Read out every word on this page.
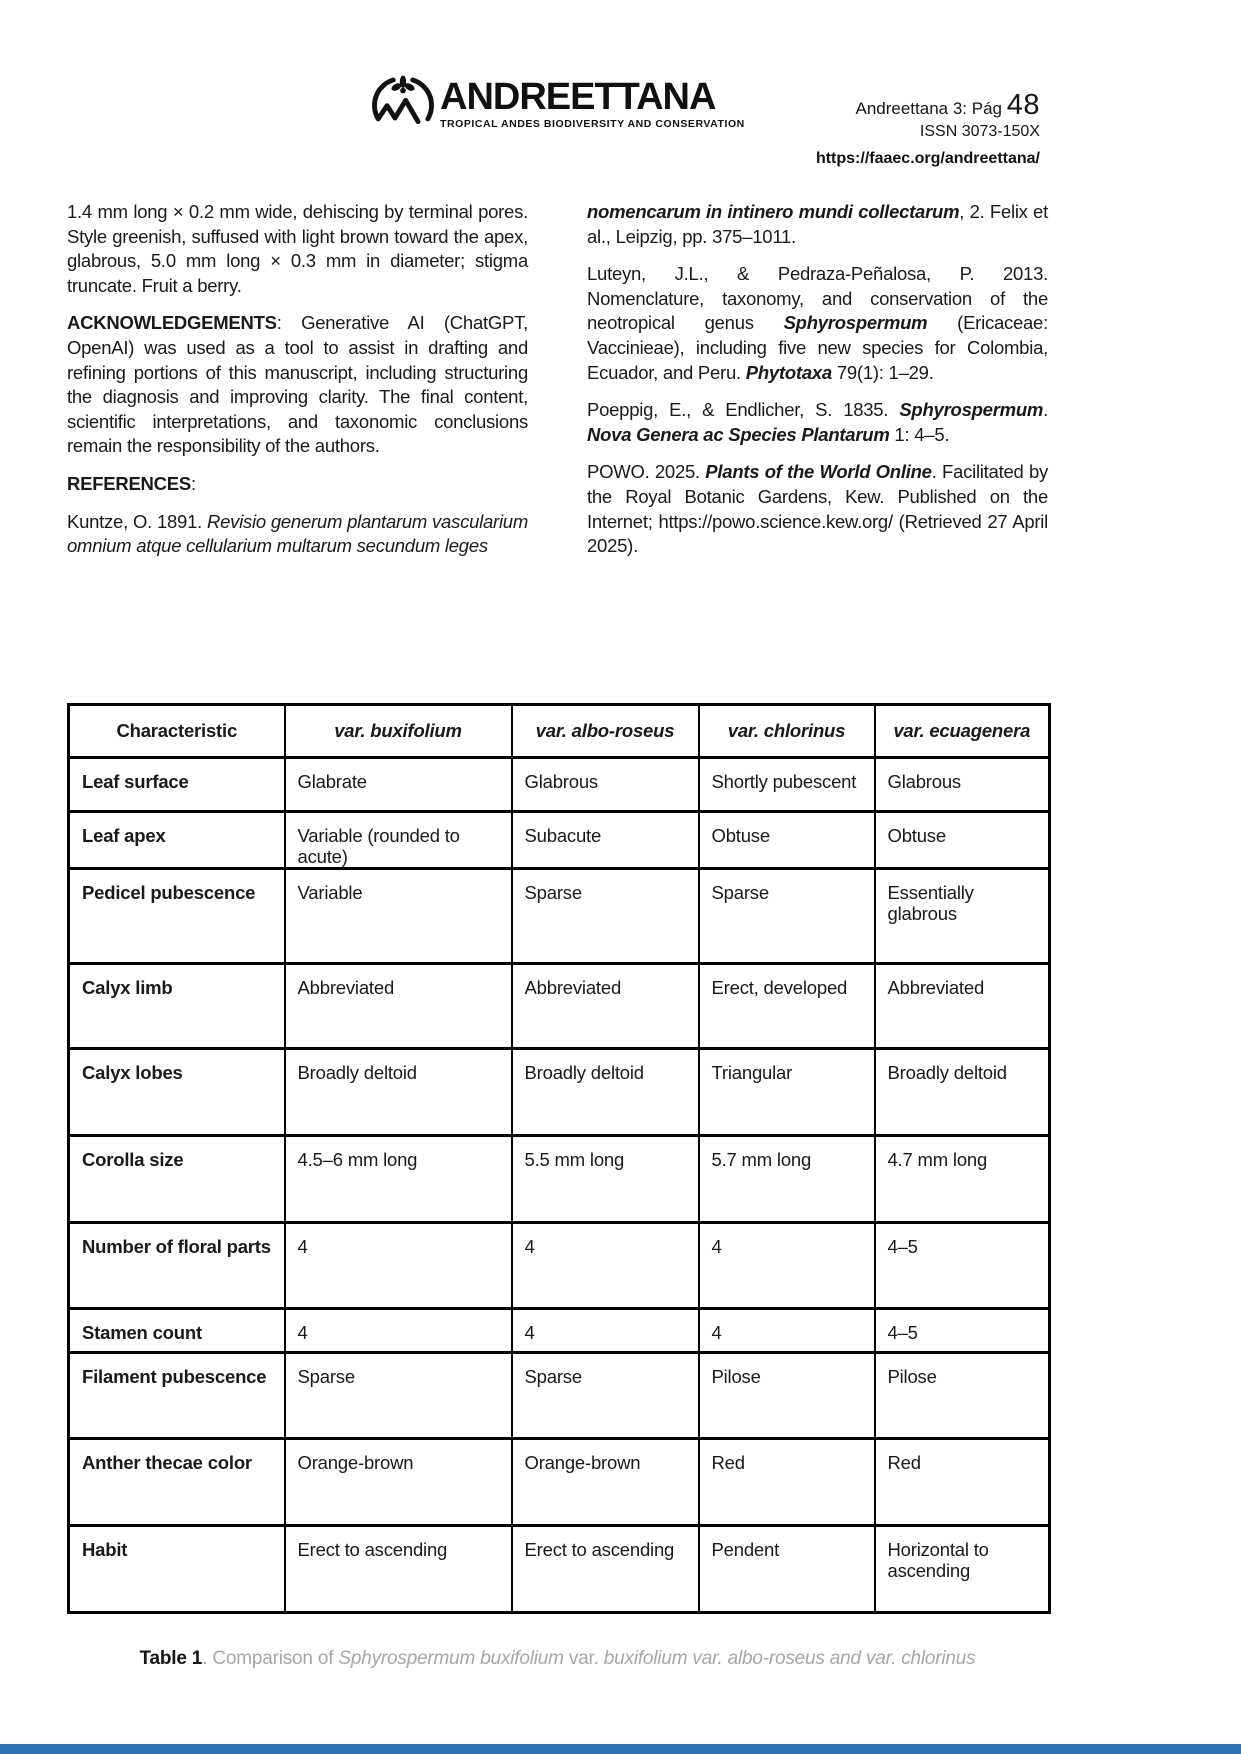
ANDREETTANA
TROPICAL ANDES BIODIVERSITY AND CONSERVATION
Andreettana 3: Pág 48
ISSN 3073-150X
https://faaec.org/andreettana/

1.4 mm long × 0.2 mm wide, dehiscing by terminal pores. Style greenish, suffused with light brown toward the apex, glabrous, 5.0 mm long × 0.3 mm in diameter; stigma truncate. Fruit a berry.

ACKNOWLEDGEMENTS: Generative AI (ChatGPT, OpenAI) was used as a tool to assist in drafting and refining portions of this manuscript, including structuring the diagnosis and improving clarity. The final content, scientific interpretations, and taxonomic conclusions remain the responsibility of the authors.

REFERENCES:

Kuntze, O. 1891. Revisio generum plantarum vascularium omnium atque cellularium multarum secundum leges

nomencarum in intinero mundi collectarum, 2. Felix et al., Leipzig, pp. 375–1011.

Luteyn, J.L., & Pedraza-Peñalosa, P. 2013. Nomenclature, taxonomy, and conservation of the neotropical genus Sphyrospermum (Ericaceae: Vaccinieae), including five new species for Colombia, Ecuador, and Peru. Phytotaxa 79(1): 1–29.

Poeppig, E., & Endlicher, S. 1835. Sphyrospermum. Nova Genera ac Species Plantarum 1: 4–5.

POWO. 2025. Plants of the World Online. Facilitated by the Royal Botanic Gardens, Kew. Published on the Internet; https://powo.science.kew.org/ (Retrieved 27 April 2025).

Characteristic	var. buxifolium	var. albo-roseus	var. chlorinus	var. ecuagenera
Leaf surface	Glabrate	Glabrous	Shortly pubescent	Glabrous
Leaf apex	Variable (rounded to acute)	Subacute	Obtuse	Obtuse
Pedicel pubescence	Variable	Sparse	Sparse	Essentially glabrous
Calyx limb	Abbreviated	Abbreviated	Erect, developed	Abbreviated
Calyx lobes	Broadly deltoid	Broadly deltoid	Triangular	Broadly deltoid
Corolla size	4.5–6 mm long	5.5 mm long	5.7 mm long	4.7 mm long
Number of floral parts	4	4	4	4–5
Stamen count	4	4	4	4–5
Filament pubescence	Sparse	Sparse	Pilose	Pilose
Anther thecae color	Orange-brown	Orange-brown	Red	Red
Habit	Erect to ascending	Erect to ascending	Pendent	Horizontal to ascending
Table 1. Comparison of Sphyrospermum buxifolium var. buxifolium var. albo-roseus and var. chlorinus
